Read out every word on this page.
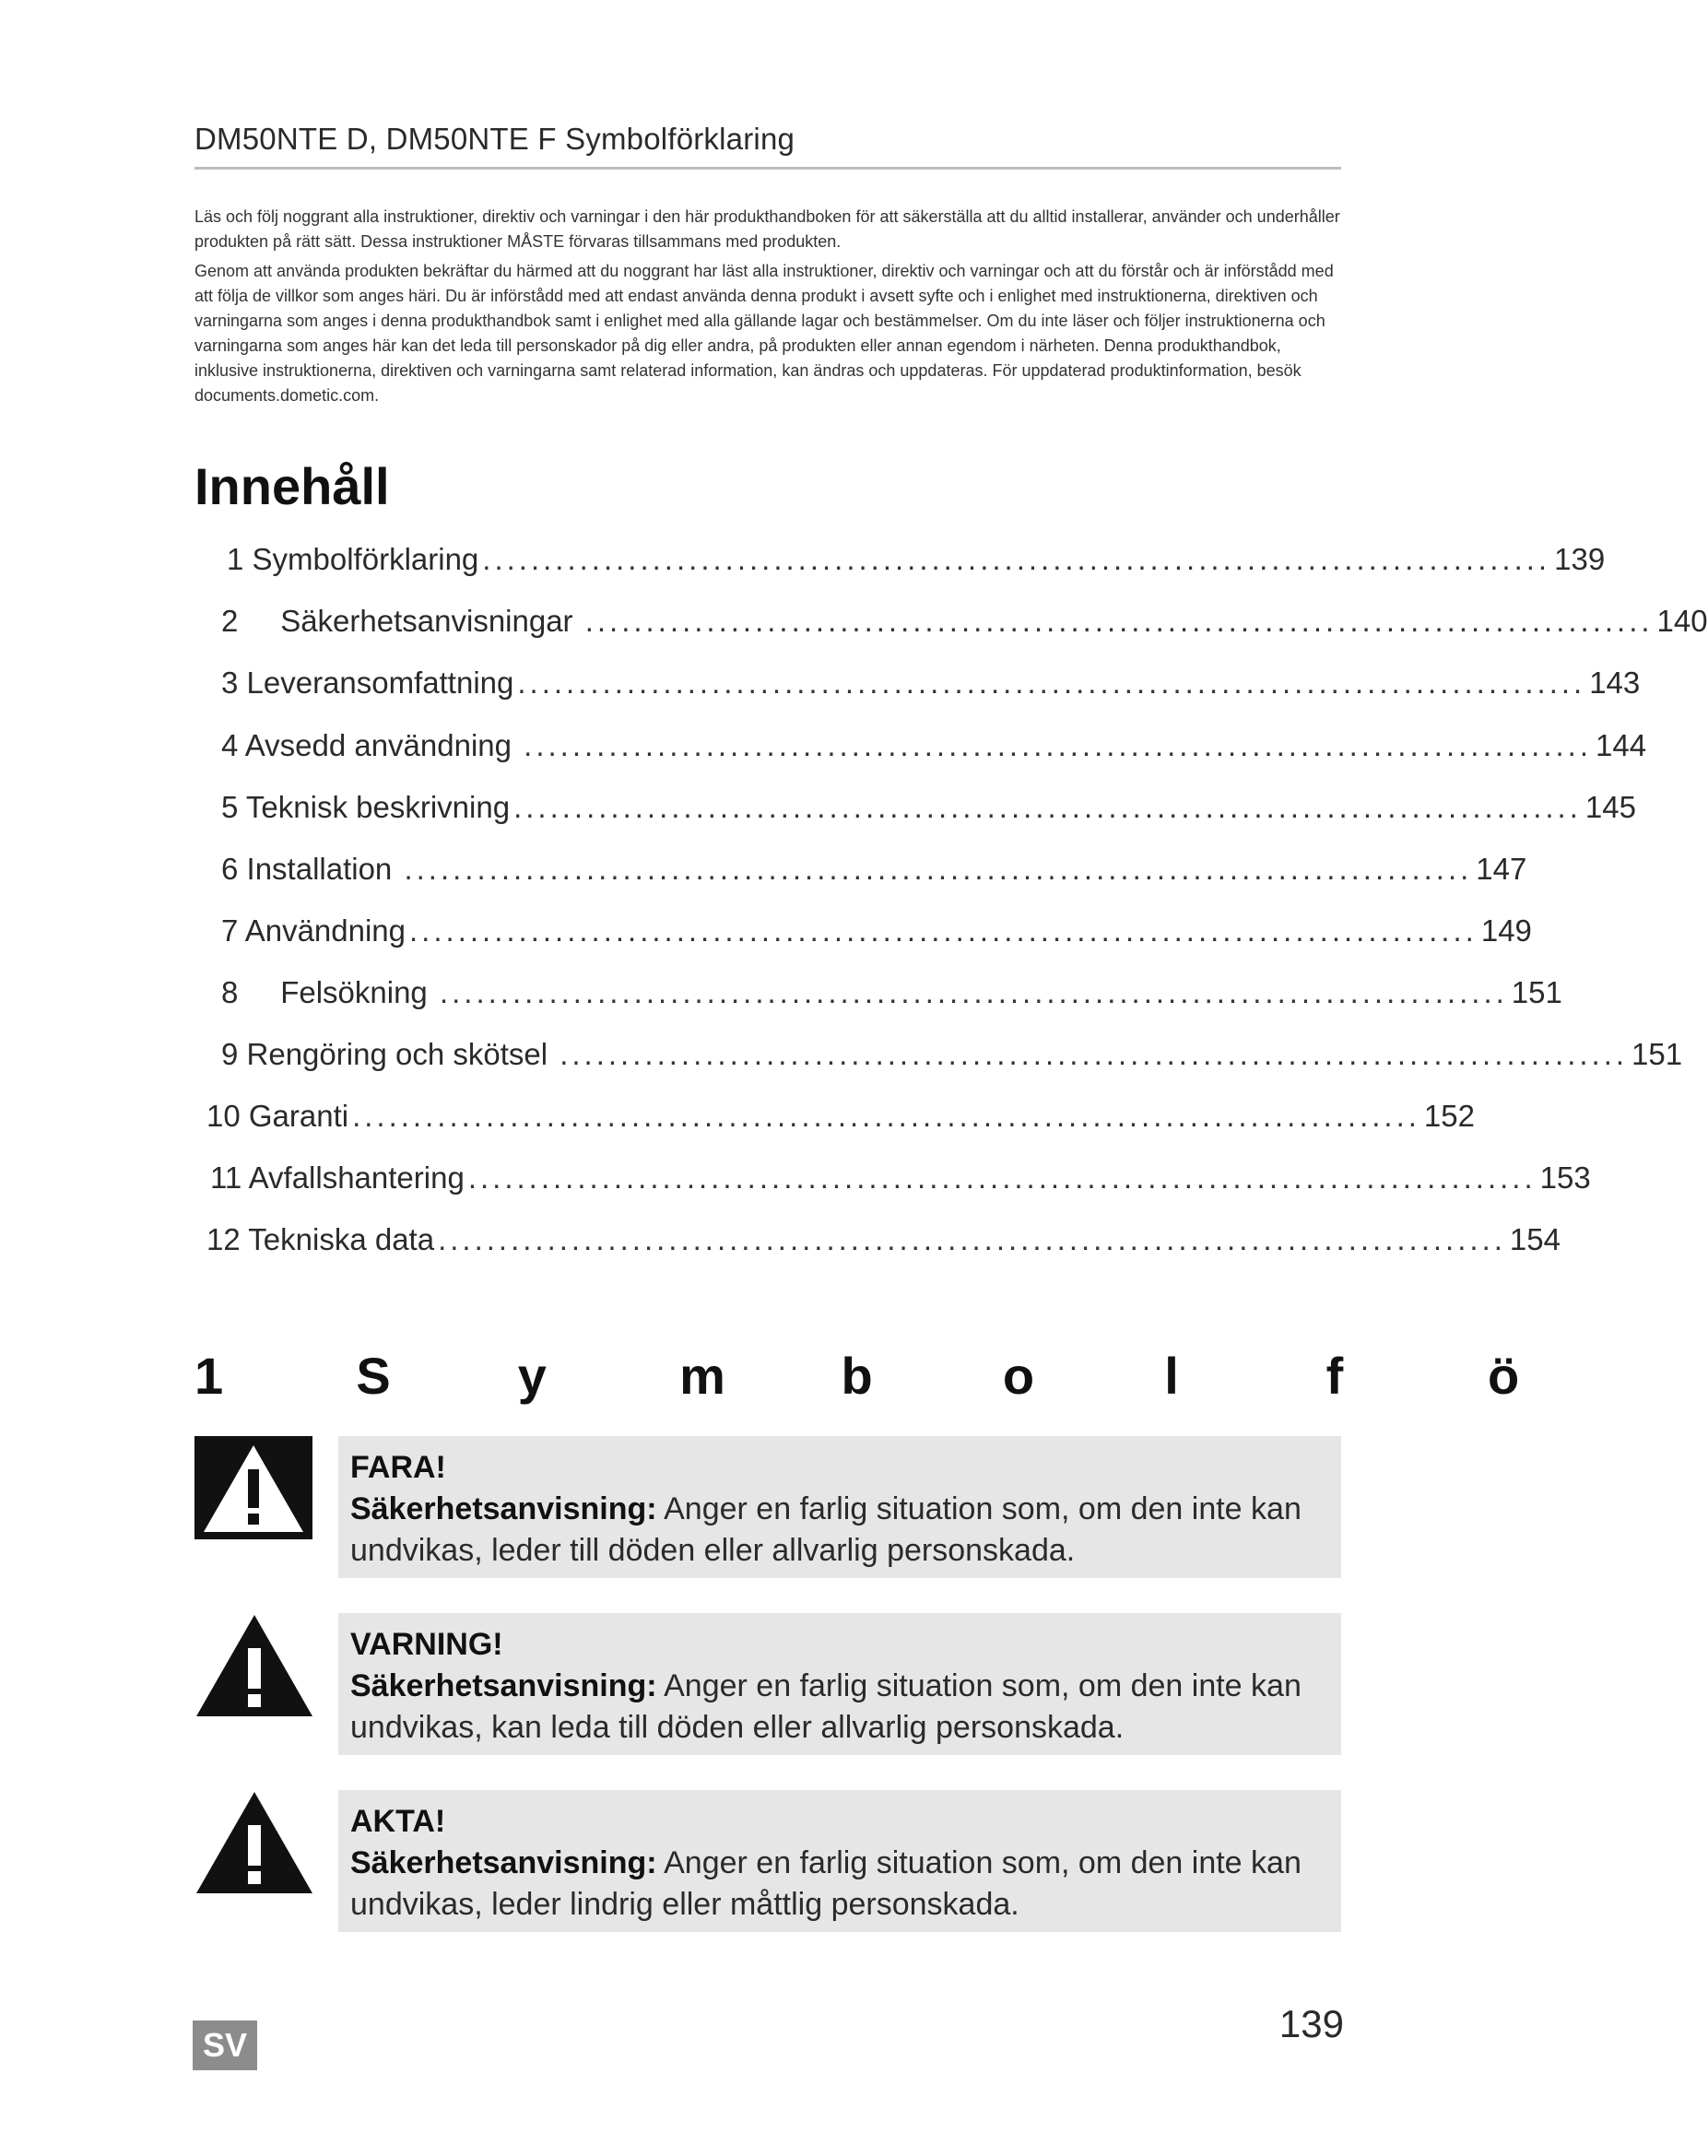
DM50NTE D, DM50NTE F Symbolförklaring

Läs och följ noggrant alla instruktioner, direktiv och varningar i den här produkthandboken för att säkerställa att du alltid installerar, använder och underhåller produkten på rätt sätt. Dessa instruktioner MÅSTE förvaras tillsammans med produkten.

Genom att använda produkten bekräftar du härmed att du noggrant har läst alla instruktioner, direktiv och varningar och att du förstår och är införstådd med att följa de villkor som anges häri. Du är införstådd med att endast använda denna produkt i avsett syfte och i enlighet med instruktionerna, direktiven och varningarna som anges i denna produkthandbok samt i enlighet med alla gällande lagar och bestämmelser. Om du inte läser och följer instruktionerna och varningarna som anges här kan det leda till personskador på dig eller andra, på produkten eller annan egendom i närheten. Denna produkthandbok, inklusive instruktionerna, direktiven och varningarna samt relaterad information, kan ändras och uppdateras. För uppdaterad produktinformation, besök documents.dometic.com.

Innehåll
1 Symbolförklaring ........................................................................................ 139
2     Säkerhetsanvisningar ........................................................................................ 140
3 Leveransomfattning ........................................................................................ 143
4 Avsedd användning ........................................................................................ 144
5 Teknisk beskrivning ........................................................................................ 145
6 Installation ........................................................................................ 147
7 Användning ........................................................................................ 149
8     Felsökning ........................................................................................ 151
9 Rengöring och skötsel ........................................................................................ 151
10 Garanti ........................................................................................ 152
11 Avfallshantering ........................................................................................ 153
12 Tekniska data ........................................................................................ 154
1	S	y	m	b	o	l	f	ö
FARA!
Säkerhetsanvisning: Anger en farlig situation som, om den inte kan undvikas, leder till döden eller allvarlig personskada.
VARNING!
Säkerhetsanvisning: Anger en farlig situation som, om den inte kan undvikas, kan leda till döden eller allvarlig personskada.
AKTA!
Säkerhetsanvisning: Anger en farlig situation som, om den inte kan undvikas, leder lindrig eller måttlig personskada.
SV	139
